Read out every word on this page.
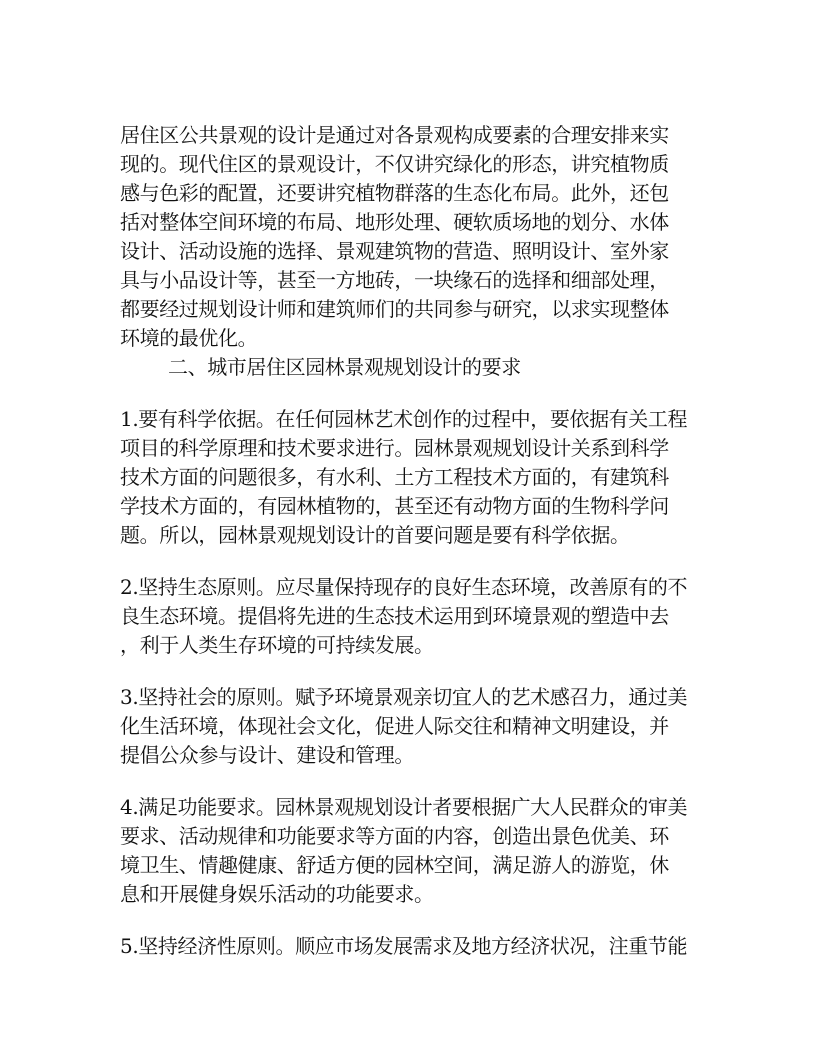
居住区公共景观的设计是通过对各景观构成要素的合理安排来实
现的。现代住区的景观设计，不仅讲究绿化的形态，讲究植物质
感与色彩的配置，还要讲究植物群落的生态化布局。此外，还包
括对整体空间环境的布局、地形处理、硬软质场地的划分、水体
设计、活动设施的选择、景观建筑物的营造、照明设计、室外家
具与小品设计等，甚至一方地砖，一块缘石的选择和细部处理，
都要经过规划设计师和建筑师们的共同参与研究，以求实现整体
环境的最优化。
二、城市居住区园林景观规划设计的要求
1.要有科学依据。在任何园林艺术创作的过程中，要依据有关工程
项目的科学原理和技术要求进行。园林景观规划设计关系到科学
技术方面的问题很多，有水利、土方工程技术方面的，有建筑科
学技术方面的，有园林植物的，甚至还有动物方面的生物科学问
题。所以，园林景观规划设计的首要问题是要有科学依据。
2.坚持生态原则。应尽量保持现存的良好生态环境，改善原有的不
良生态环境。提倡将先进的生态技术运用到环境景观的塑造中去
，利于人类生存环境的可持续发展。
3.坚持社会的原则。赋予环境景观亲切宜人的艺术感召力，通过美
化生活环境，体现社会文化，促进人际交往和精神文明建设，并
提倡公众参与设计、建设和管理。
4.满足功能要求。园林景观规划设计者要根据广大人民群众的审美
要求、活动规律和功能要求等方面的内容，创造出景色优美、环
境卫生、情趣健康、舒适方便的园林空间，满足游人的游览，休
息和开展健身娱乐活动的功能要求。
5.坚持经济性原则。顺应市场发展需求及地方经济状况，注重节能
